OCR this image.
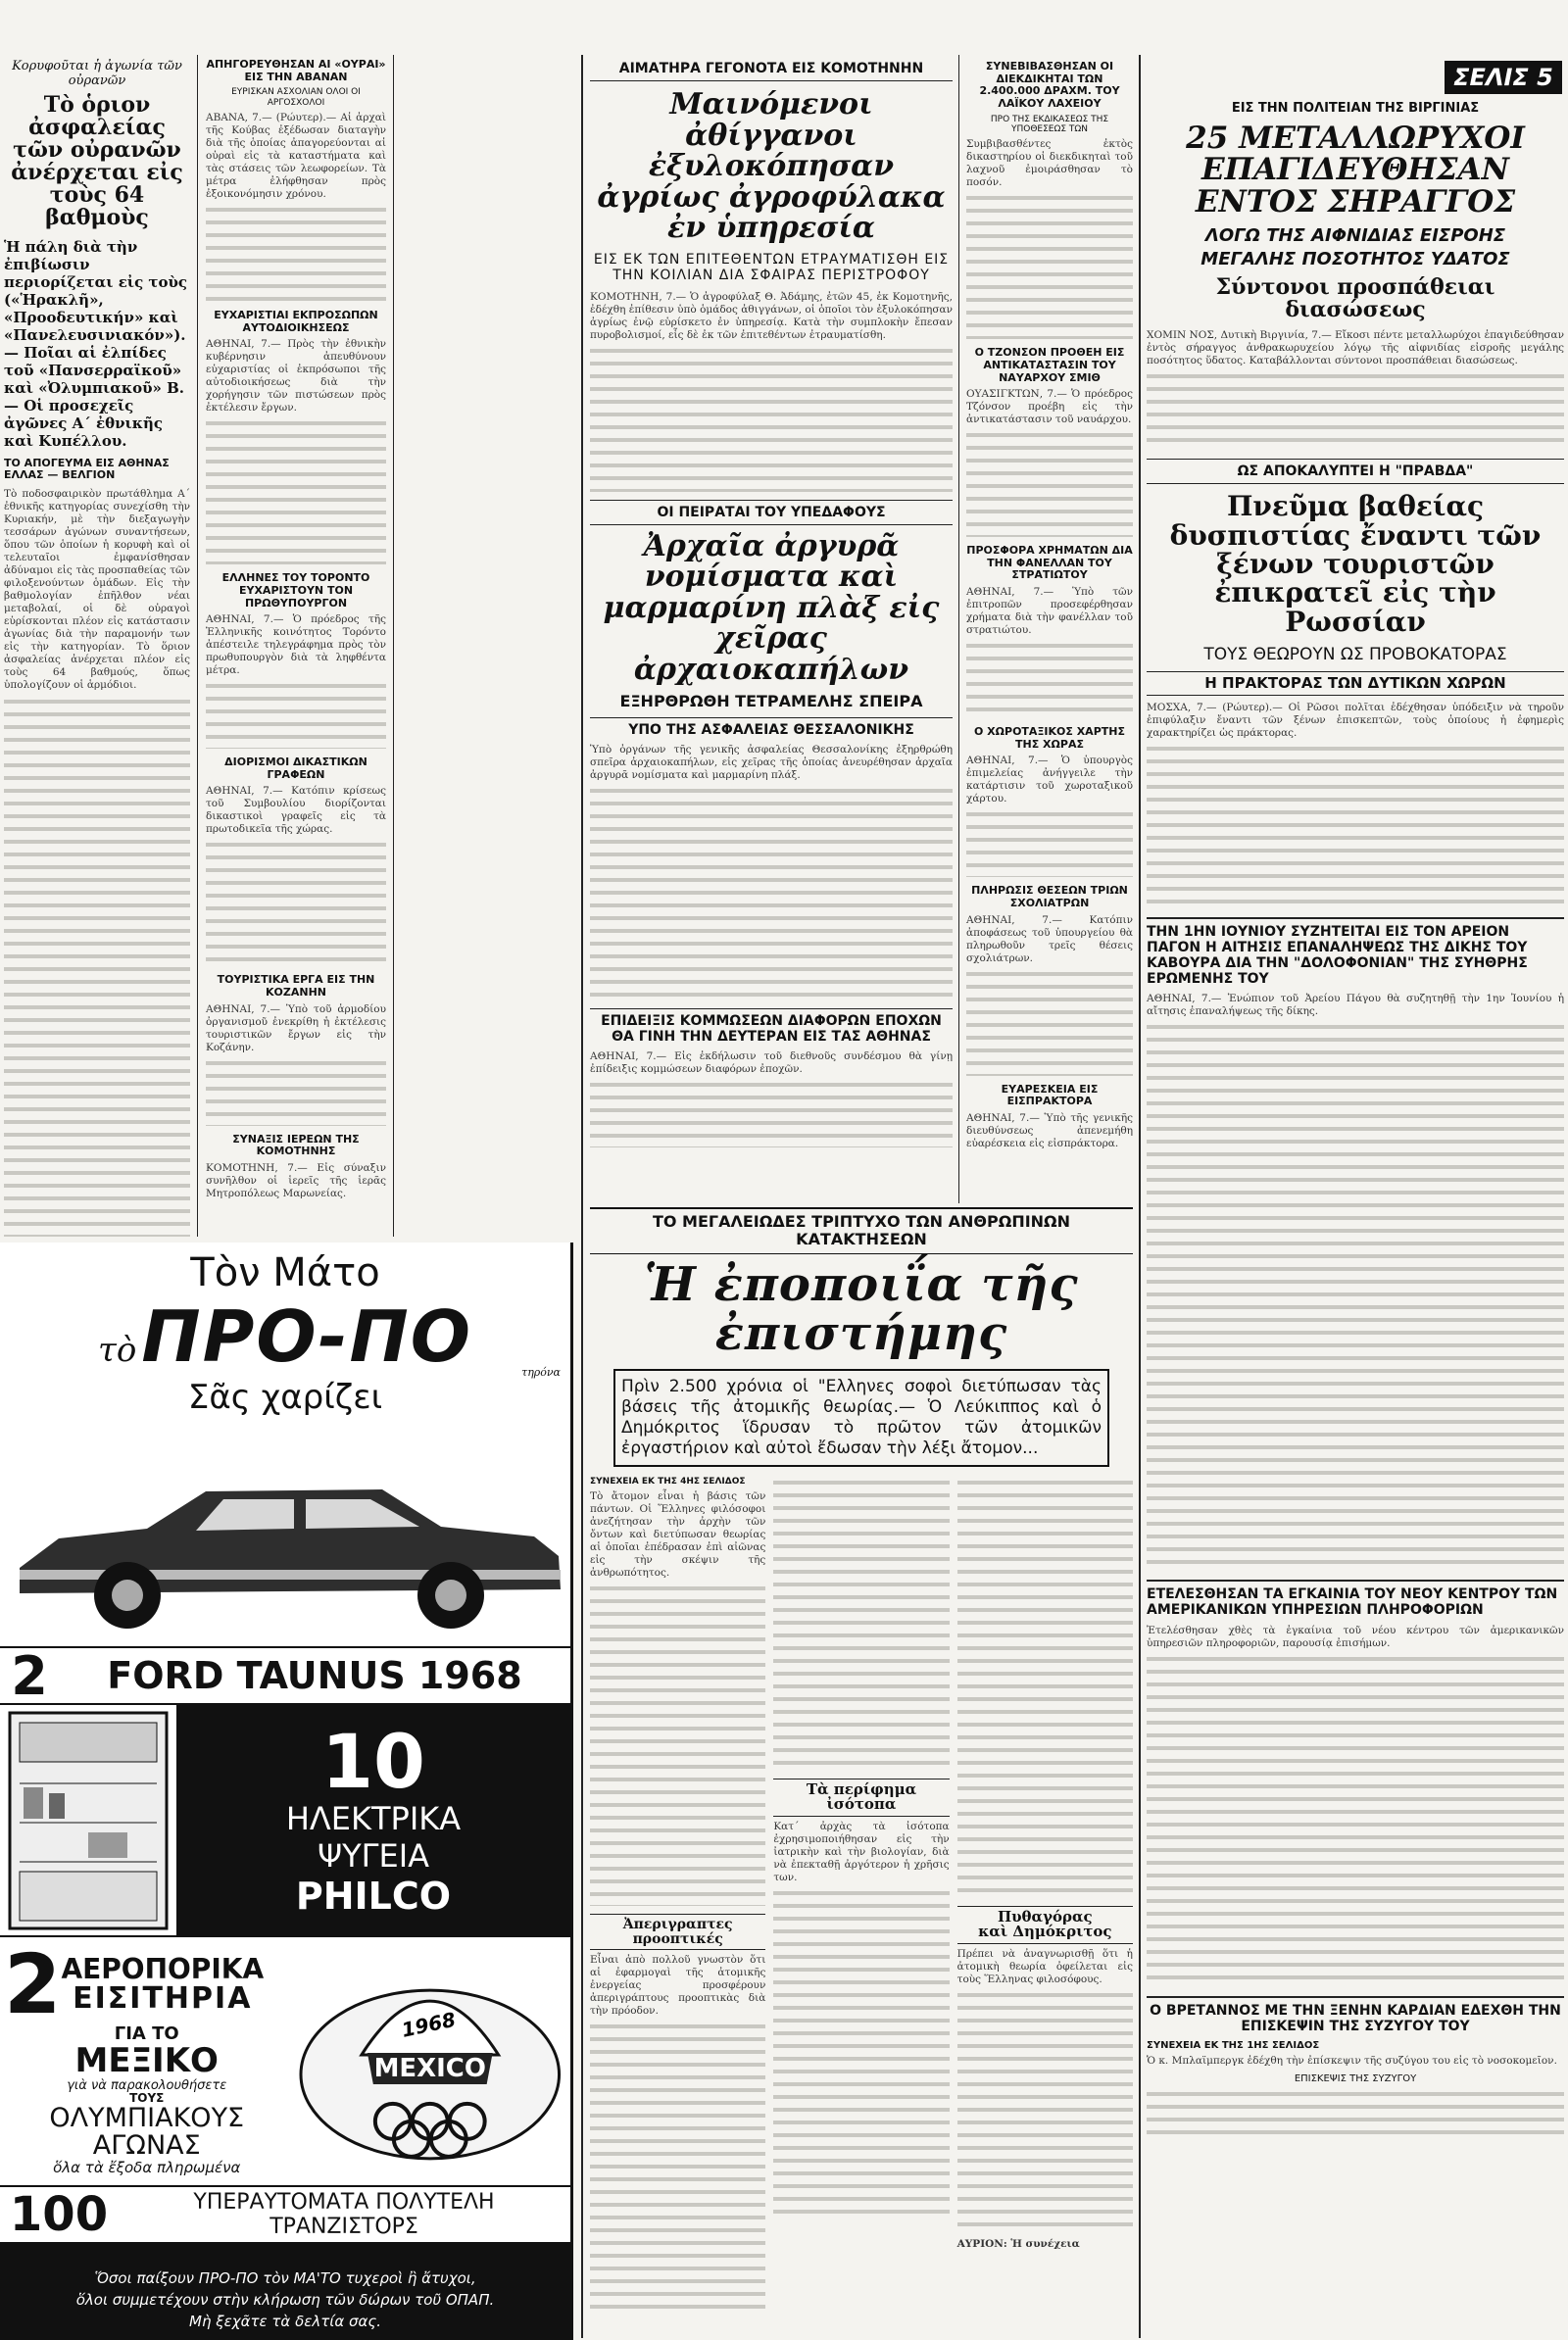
Κορυφοῦται ἡ ἀγωνία τῶν οὐρανῶν
Τὸ ὁριον ἀσφαλείας τῶν οὐρανῶν ἀνέρχεται εἰς τοὺς 64 βαθμοὺς
Ἡ πάλη διὰ τὴν ἐπιβίωσιν περιορίζεται εἰς τοὺς («Ἡρακλῆ», «Προοδευτικήν» καὶ «Πανελευσινιακόν»).— Ποῖαι αἱ ἐλπίδες τοῦ «Πανσερραϊκοῦ» καὶ «Ὀλυμπιακοῦ» Β.— Οἱ προσεχεῖς ἀγῶνες Α΄ ἐθνικῆς καὶ Κυπέλλου.
ΤΟ ΑΠΟΓΕΥΜΑ ΕΙΣ ΑΘΗΝΑΣ ΕΛΛΑΣ — ΒΕΛΓΙΟΝ
Τὸ ποδοσφαιρικὸν πρωτάθλημα Α΄ ἐθνικῆς κατηγορίας συνεχίσθη τὴν Κυριακήν, μὲ τὴν διεξαγωγὴν τεσσάρων ἀγώνων συναντήσεων, ὅπου τῶν ὁποίων ἡ κορυφὴ καὶ οἱ τελευταῖοι ἐμφανίσθησαν ἀδύναμοι εἰς τὰς προσπαθείας τῶν φιλοξενούντων ὁμάδων. Εἰς τὴν βαθμολογίαν ἐπῆλθον νέαι μεταβολαί, οἱ δὲ οὐραγοὶ εὑρίσκονται πλέον εἰς κατάστασιν ἀγωνίας διὰ τὴν παραμονήν των εἰς τὴν κατηγορίαν. Τὸ ὅριον ἀσφαλείας ἀνέρχεται πλέον εἰς τοὺς 64 βαθμούς, ὅπως ὑπολογίζουν οἱ ἁρμόδιοι.
ΑΠΗΓΟΡΕΥΘΗΣΑΝ ΑΙ «ΟΥΡΑΙ» ΕΙΣ ΤΗΝ ΑΒΑΝΑΝ
ΕΥΡΙΣΚΑΝ ΑΣΧΟΛΙΑΝ ΟΛΟΙ ΟΙ ΑΡΓΟΣΧΟΛΟΙ
ΑΒΑΝΑ, 7.— (Ρώυτερ).— Αἱ ἀρχαὶ τῆς Κούβας ἐξέδωσαν διαταγὴν διὰ τῆς ὁποίας ἀπαγορεύονται αἱ οὐραὶ εἰς τὰ καταστήματα καὶ τὰς στάσεις τῶν λεωφορείων. Τὰ μέτρα ἐλήφθησαν πρὸς ἐξοικονόμησιν χρόνου.
ΕΥΧΑΡΙΣΤΙΑΙ ΕΚΠΡΟΣΩΠΩΝ ΑΥΤΟΔΙΟΙΚΗΣΕΩΣ
ΑΘΗΝΑΙ, 7.— Πρὸς τὴν ἐθνικὴν κυβέρνησιν ἀπευθύνουν εὐχαριστίας οἱ ἐκπρόσωποι τῆς αὐτοδιοικήσεως διὰ τὴν χορήγησιν τῶν πιστώσεων πρὸς ἐκτέλεσιν ἔργων.
ΕΛΛΗΝΕΣ ΤΟΥ ΤΟΡΟΝΤΟ ΕΥΧΑΡΙΣΤΟΥΝ ΤΟΝ ΠΡΩΘΥΠΟΥΡΓΟΝ
ΑΘΗΝΑΙ, 7.— Ὁ πρόεδρος τῆς Ἑλληνικῆς κοινότητος Τορόντο ἀπέστειλε τηλεγράφημα πρὸς τὸν πρωθυπουργὸν διὰ τὰ ληφθέντα μέτρα.
ΔΙΟΡΙΣΜΟΙ ΔΙΚΑΣΤΙΚΩΝ ΓΡΑΦΕΩΝ
ΑΘΗΝΑΙ, 7.— Κατόπιν κρίσεως τοῦ Συμβουλίου διορίζονται δικαστικοὶ γραφεῖς εἰς τὰ πρωτοδικεῖα τῆς χώρας.
ΤΟΥΡΙΣΤΙΚΑ ΕΡΓΑ ΕΙΣ ΤΗΝ ΚΟΖΑΝΗΝ
ΑΘΗΝΑΙ, 7.— Ὑπὸ τοῦ ἁρμοδίου ὀργανισμοῦ ἐνεκρίθη ἡ ἐκτέλεσις τουριστικῶν ἔργων εἰς τὴν Κοζάνην.
ΣΥΝΑΞΙΣ ΙΕΡΕΩΝ ΤΗΣ ΚΟΜΟΤΗΝΗΣ
ΚΟΜΟΤΗΝΗ, 7.— Εἰς σύναξιν συνῆλθον οἱ ἱερεῖς τῆς ἱερᾶς Μητροπόλεως Μαρωνείας.
ΑΙΜΑΤΗΡΑ ΓΕΓΟΝΟΤΑ ΕΙΣ ΚΟΜΟΤΗΝΗΝ
Μαινόμενοι ἀθίγγανοι ἐξυλοκόπησαν ἀγρίως ἀγροφύλακα ἐν ὑπηρεσία
ΕΙΣ ΕΚ ΤΩΝ ΕΠΙΤΕΘΕΝΤΩΝ ΕΤΡΑΥΜΑΤΙΣΘΗ ΕΙΣ ΤΗΝ ΚΟΙΛΙΑΝ ΔΙΑ ΣΦΑΙΡΑΣ ΠΕΡΙΣΤΡΟΦΟΥ
ΚΟΜΟΤΗΝΗ, 7.— Ὁ ἀγροφύλαξ Θ. Ἀδάμης, ἐτῶν 45, ἐκ Κομοτηνῆς, ἐδέχθη ἐπίθεσιν ὑπὸ ὁμάδος ἀθιγγάνων, οἱ ὁποῖοι τὸν ἐξυλοκόπησαν ἀγρίως ἐνῷ εὑρίσκετο ἐν ὑπηρεσίᾳ. Κατὰ τὴν συμπλοκὴν ἔπεσαν πυροβολισμοί, εἷς δὲ ἐκ τῶν ἐπιτεθέντων ἐτραυματίσθη.
ΟΙ ΠΕΙΡΑΤΑΙ ΤΟΥ ΥΠΕΔΑΦΟΥΣ
Ἀρχαῖα ἀργυρᾶ νομίσματα καὶ μαρμαρίνη πλὰξ εἰς χεῖρας ἀρχαιοκαπήλων
ΕΞΗΡΘΡΩΘΗ ΤΕΤΡΑΜΕΛΗΣ ΣΠΕΙΡΑ
ΥΠΟ ΤΗΣ ΑΣΦΑΛΕΙΑΣ ΘΕΣΣΑΛΟΝΙΚΗΣ
Ὑπὸ ὀργάνων τῆς γενικῆς ἀσφαλείας Θεσσαλονίκης ἐξηρθρώθη σπεῖρα ἀρχαιοκαπήλων, εἰς χεῖρας τῆς ὁποίας ἀνευρέθησαν ἀρχαῖα ἀργυρᾶ νομίσματα καὶ μαρμαρίνη πλάξ.
ΕΠΙΔΕΙΞΙΣ ΚΟΜΜΩΣΕΩΝ ΔΙΑΦΟΡΩΝ ΕΠΟΧΩΝ ΘΑ ΓΙΝΗ ΤΗΝ ΔΕΥΤΕΡΑΝ ΕΙΣ ΤΑΣ ΑΘΗΝΑΣ
ΑΘΗΝΑΙ, 7.— Εἰς ἐκδήλωσιν τοῦ διεθνοῦς συνδέσμου θὰ γίνῃ ἐπίδειξις κομμώσεων διαφόρων ἐποχῶν.
ΣΥΝΕΒΙΒΑΣΘΗΣΑΝ ΟΙ ΔΙΕΚΔΙΚΗΤΑΙ ΤΩΝ 2.400.000 ΔΡΑΧΜ. ΤΟΥ ΛΑΪΚΟΥ ΛΑΧΕΙΟΥ
ΠΡΟ ΤΗΣ ΕΚΔΙΚΑΣΕΩΣ ΤΗΣ ΥΠΟΘΕΣΕΩΣ ΤΩΝ
Συμβιβασθέντες ἐκτὸς δικαστηρίου οἱ διεκδικηταὶ τοῦ λαχνοῦ ἐμοιράσθησαν τὸ ποσόν.
Ο ΤΖΟΝΣΟΝ ΠΡΟΘΕΗ ΕΙΣ ΑΝΤΙΚΑΤΑΣΤΑΣΙΝ ΤΟΥ ΝΑΥΑΡΧΟΥ ΣΜΙΘ
ΟΥΑΣΙΓΚΤΩΝ, 7.— Ὁ πρόεδρος Τζόνσον προέβη εἰς τὴν ἀντικατάστασιν τοῦ ναυάρχου.
ΠΡΟΣΦΟΡΑ ΧΡΗΜΑΤΩΝ ΔΙΑ ΤΗΝ ΦΑΝΕΛΛΑΝ ΤΟΥ ΣΤΡΑΤΙΩΤΟΥ
ΑΘΗΝΑΙ, 7.— Ὑπὸ τῶν ἐπιτροπῶν προσεφέρθησαν χρήματα διὰ τὴν φανέλλαν τοῦ στρατιώτου.
Ο ΧΩΡΟΤΑΞΙΚΟΣ ΧΑΡΤΗΣ ΤΗΣ ΧΩΡΑΣ
ΑΘΗΝΑΙ, 7.— Ὁ ὑπουργὸς ἐπιμελείας ἀνήγγειλε τὴν κατάρτισιν τοῦ χωροταξικοῦ χάρτου.
ΠΛΗΡΩΣΙΣ ΘΕΣΕΩΝ ΤΡΙΩΝ ΣΧΟΛΙΑΤΡΩΝ
ΑΘΗΝΑΙ, 7.— Κατόπιν ἀποφάσεως τοῦ ὑπουργείου θὰ πληρωθοῦν τρεῖς θέσεις σχολιάτρων.
ΕΥΑΡΕΣΚΕΙΑ ΕΙΣ ΕΙΣΠΡΑΚΤΟΡΑ
ΑΘΗΝΑΙ, 7.— Ὑπὸ τῆς γενικῆς διευθύνσεως ἀπενεμήθη εὐαρέσκεια εἰς εἰσπράκτορα.
ΣΕΛΙΣ 5
ΕΙΣ ΤΗΝ ΠΟΛΙΤΕΙΑΝ ΤΗΣ ΒΙΡΓΙΝΙΑΣ
25 ΜΕΤΑΛΛΩΡΥΧΟΙ ΕΠΑΓΙΔΕΥΘΗΣΑΝ ΕΝΤΟΣ ΣΗΡΑΓΓΟΣ
ΛΟΓΩ ΤΗΣ ΑΙΦΝΙΔΙΑΣ ΕΙΣΡΟΗΣ
ΜΕΓΑΛΗΣ ΠΟΣΟΤΗΤΟΣ ΥΔΑΤΟΣ
Σύντονοι προσπάθειαι διασώσεως
ΧΟΜΙΝ ΝΟΣ, Δυτικὴ Βιργινία, 7.— Εἴκοσι πέντε μεταλλωρύχοι ἐπαγιδεύθησαν ἐντὸς σήραγγος ἀνθρακωρυχείου λόγῳ τῆς αἰφνιδίας εἰσροῆς μεγάλης ποσότητος ὕδατος. Καταβάλλονται σύντονοι προσπάθειαι διασώσεως.
ΩΣ ΑΠΟΚΑΛΥΠΤΕΙ Η "ΠΡΑΒΔΑ"
Πνεῦμα βαθείας δυσπιστίας ἔναντι τῶν ξένων τουριστῶν ἐπικρατεῖ εἰς τὴν Ρωσσίαν
ΤΟΥΣ ΘΕΩΡΟΥΝ ΩΣ ΠΡΟΒΟΚΑΤΟΡΑΣ
Η ΠΡΑΚΤΟΡΑΣ ΤΩΝ ΔΥΤΙΚΩΝ ΧΩΡΩΝ
ΜΟΣΧΑ, 7.— (Ρώυτερ).— Οἱ Ρῶσοι πολῖται ἐδέχθησαν ὑπόδειξιν νὰ τηροῦν ἐπιφύλαξιν ἔναντι τῶν ξένων ἐπισκεπτῶν, τοὺς ὁποίους ἡ ἐφημερὶς χαρακτηρίζει ὡς πράκτορας.
ΤΗΝ 1ΗΝ ΙΟΥΝΙΟΥ ΣΥΖΗΤΕΙΤΑΙ ΕΙΣ ΤΟΝ ΑΡΕΙΟΝ ΠΑΓΟΝ Η ΑΙΤΗΣΙΣ ΕΠΑΝΑΛΗΨΕΩΣ ΤΗΣ ΔΙΚΗΣ ΤΟΥ ΚΑΒΟΥΡΑ ΔΙΑ ΤΗΝ "ΔΟΛΟΦΟΝΙΑΝ" ΤΗΣ ΣΥΗΘΡΗΣ ΕΡΩΜΕΝΗΣ ΤΟΥ
ΑΘΗΝΑΙ, 7.— Ἐνώπιον τοῦ Ἀρείου Πάγου θὰ συζητηθῇ τὴν 1ην Ἰουνίου ἡ αἴτησις ἐπαναλήψεως τῆς δίκης.
ΕΤΕΛΕΣΘΗΣΑΝ ΤΑ ΕΓΚΑΙΝΙΑ ΤΟΥ ΝΕΟΥ ΚΕΝΤΡΟΥ ΤΩΝ ΑΜΕΡΙΚΑΝΙΚΩΝ ΥΠΗΡΕΣΙΩΝ ΠΛΗΡΟΦΟΡΙΩΝ
Ἐτελέσθησαν χθὲς τὰ ἐγκαίνια τοῦ νέου κέντρου τῶν ἀμερικανικῶν ὑπηρεσιῶν πληροφοριῶν, παρουσίᾳ ἐπισήμων.
Ο ΒΡΕΤΑΝΝΟΣ ΜΕ ΤΗΝ ΞΕΝΗΝ ΚΑΡΔΙΑΝ ΕΔΕΧΘΗ ΤΗΝ ΕΠΙΣΚΕΨΙΝ ΤΗΣ ΣΥΖΥΓΟΥ ΤΟΥ
ΣΥΝΕΧΕΙΑ ΕΚ ΤΗΣ 1ΗΣ ΣΕΛΙΔΟΣ
Ὁ κ. Μπλαϊμπεργκ ἐδέχθη τὴν ἐπίσκεψιν τῆς συζύγου του εἰς τὸ νοσοκομεῖον.
ΕΠΙΣΚΕΨΙΣ ΤΗΣ ΣΥΖΥΓΟΥ
ΤΟ ΜΕΓΑΛΕΙΩΔΕΣ ΤΡΙΠΤΥΧΟ ΤΩΝ ΑΝΘΡΩΠΙΝΩΝ ΚΑΤΑΚΤΗΣΕΩΝ
Ἡ ἐποποιΐα τῆς ἐπιστήμης
Πρὶν 2.500 χρόνια οἱ "Ελληνες σοφοὶ διετύπωσαν τὰς βάσεις τῆς ἀτομικῆς θεωρίας.— Ὁ Λεύκιππος καὶ ὁ Δημόκριτος ἵδρυσαν τὸ πρῶτον τῶν ἀτομικῶν ἐργαστήριον καὶ αὐτοὶ ἔδωσαν τὴν λέξι ἄτομον...
ΣΥΝΕΧΕΙΑ ΕΚ ΤΗΣ 4ΗΣ ΣΕΛΙΔΟΣ
Τὸ ἄτομον εἶναι ἡ βάσις τῶν πάντων. Οἱ Ἕλληνες φιλόσοφοι ἀνεζήτησαν τὴν ἀρχὴν τῶν ὄντων καὶ διετύπωσαν θεωρίας αἱ ὁποῖαι ἐπέδρασαν ἐπὶ αἰῶνας εἰς τὴν σκέψιν τῆς ἀνθρωπότητος.
Ἀπεριγραπτες προοπτικές
Εἶναι ἀπὸ πολλοῦ γνωστὸν ὅτι αἱ ἐφαρμογαὶ τῆς ἀτομικῆς ἐνεργείας προσφέρουν ἀπεριγράπτους προοπτικὰς διὰ τὴν πρόοδον.
Τὰ περίφημα
ἰσότοπα
Κατ΄ ἀρχὰς τὰ ἰσότοπα ἐχρησιμοποιήθησαν εἰς τὴν ἰατρικὴν καὶ τὴν βιολογίαν, διὰ νὰ ἐπεκταθῇ ἀργότερον ἡ χρῆσις των.
Πυθαγόρας
καὶ Δημόκριτος
Πρέπει νὰ ἀναγνωρισθῇ ὅτι ἡ ἀτομικὴ θεωρία ὀφείλεται εἰς τοὺς Ἕλληνας φιλοσόφους.
ΑΥΡΙΟΝ: Ἡ συνέχεια
Τὸν Μάτο
τὸ ΠΡΟ-ΠΟ
Σᾶς χαρίζει
τηρόνα
2	FORD TAUNUS 1968
10
ΗΛΕΚΤΡΙΚΑ
ΨΥΓΕΙΑ
PHILCO
2 ΑΕΡΟΠΟΡΙΚΑ
ΕΙΣΙΤΗΡΙΑ
ΓΙΑ ΤΟ
ΜΕΞΙΚΟ
γιὰ νὰ παρακολουθήσετε
ΤΟΥΣ
ΟΛΥΜΠΙΑΚΟΥΣ
ΑΓΩΝΑΣ
ὅλα τὰ ἔξοδα πληρωμένα
1968
MEXICO
100	ΥΠΕΡΑΥΤΟΜΑΤΑ ΠΟΛΥΤΕΛΗ ΤΡΑΝΖΙΣΤΟΡΣ
Ὅσοι παίξουν ΠΡΟ-ΠΟ τὸν ΜΑ'ΤΟ τυχεροὶ ἢ ἄτυχοι,
ὅλοι συμμετέχουν στὴν κλήρωση τῶν δώρων τοῦ ΟΠΑΠ.
Μὴ ξεχᾶτε τὰ δελτία σας.
